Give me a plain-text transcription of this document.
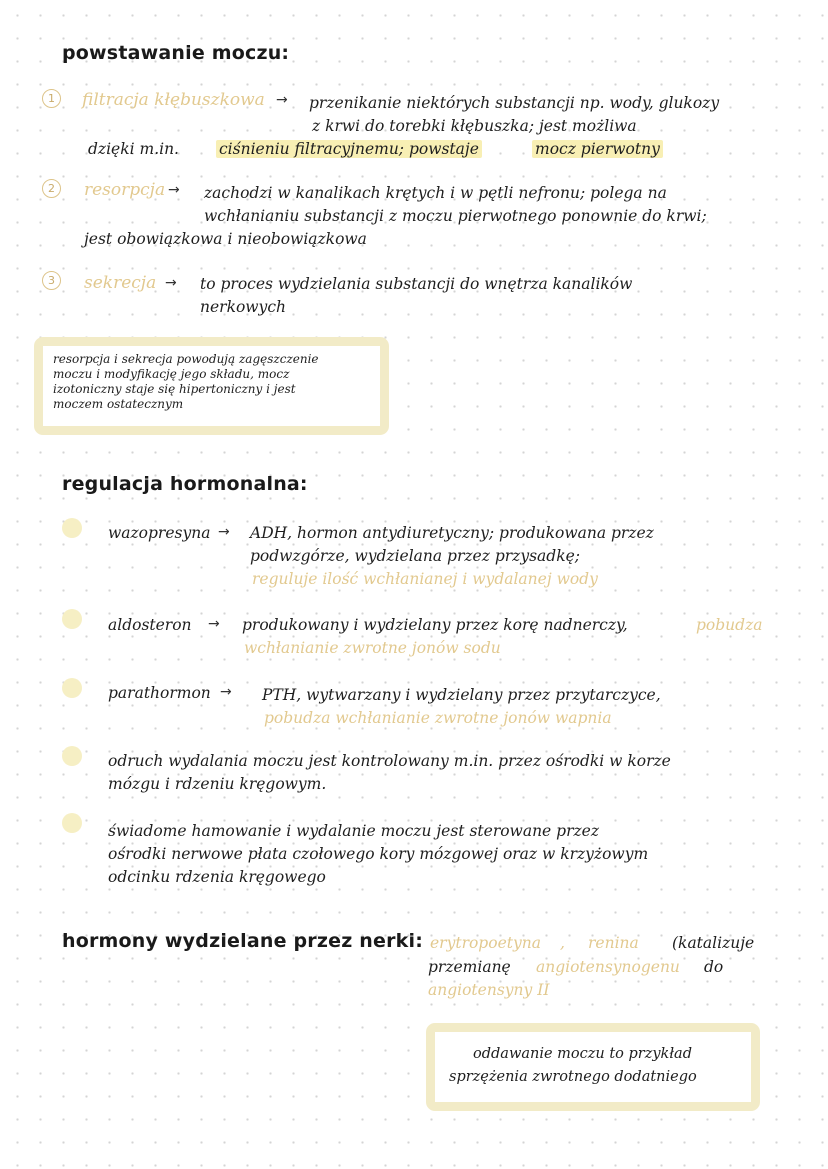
powstawanie moczu:
1	filtracja kłębuszkowa → przenikanie niektórych substancji np. wody, glukozy
z krwi do torebki kłębuszka; jest możliwa
dzięki m.in.	ciśnieniu filtracyjnemu; powstaje	mocz pierwotny
2	resorpcja → zachodzi w kanalikach krętych i w pętli nefronu; polega na
wchłanianiu substancji z moczu pierwotnego ponownie do krwi;
jest obowiązkowa i nieobowiązkowa
3	sekrecja → to proces wydzielania substancji do wnętrza kanalików
nerkowych
resorpcja i sekrecja powodują zagęszczenie
moczu i modyfikację jego składu, mocz
izotoniczny staje się hipertoniczny i jest
moczem ostatecznym
regulacja hormonalna:
wazopresyna → ADH, hormon antydiuretyczny; produkowana przez
podwzgórze, wydzielana przez przysadkę;
reguluje ilość wchłanianej i wydalanej wody
aldosteron → produkowany i wydzielany przez korę nadnerczy,	pobudza
wchłanianie zwrotne jonów sodu
parathormon → PTH, wytwarzany i wydzielany przez przytarczyce,
pobudza wchłanianie zwrotne jonów wapnia
odruch wydalania moczu jest kontrolowany m.in. przez ośrodki w korze
mózgu i rdzeniu kręgowym.
świadome hamowanie i wydalanie moczu jest sterowane przez
ośrodki nerwowe płata czołowego kory mózgowej oraz w krzyżowym
odcinku rdzenia kręgowego
hormony wydzielane przez nerki: erytropoetyna , renina (katalizuje
przemianę angiotensynogenu do
angiotensyny II
oddawanie moczu to przykład
sprzężenia zwrotnego dodatniego
